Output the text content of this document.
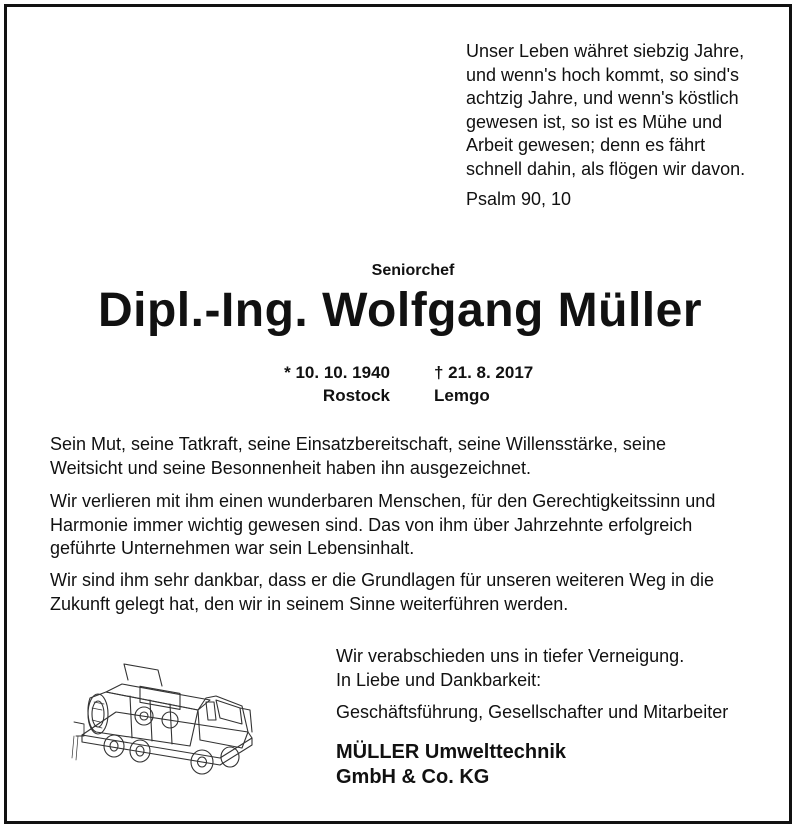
Unser Leben währet siebzig Jahre,
und wenn's hoch kommt, so sind's
achtzig Jahre, und wenn's köstlich
gewesen ist, so ist es Mühe und
Arbeit gewesen; denn es fährt
schnell dahin, als flögen wir davon.
Psalm 90, 10
Seniorchef
Dipl.-Ing. Wolfgang Müller
* 10. 10. 1940
Rostock
† 21. 8. 2017
Lemgo
Sein Mut, seine Tatkraft, seine Einsatzbereitschaft, seine Willensstärke, seine
Weitsicht und seine Besonnenheit haben ihn ausgezeichnet.
Wir verlieren mit ihm einen wunderbaren Menschen, für den Gerechtigkeitssinn und
Harmonie immer wichtig gewesen sind. Das von ihm über Jahrzehnte erfolgreich
geführte Unternehmen war sein Lebensinhalt.
Wir sind ihm sehr dankbar, dass er die Grundlagen für unseren weiteren Weg in die
Zukunft gelegt hat, den wir in seinem Sinne weiterführen werden.
Wir verabschieden uns in tiefer Verneigung.
In Liebe und Dankbarkeit:
Geschäftsführung, Gesellschafter und Mitarbeiter
MÜLLER Umwelttechnik
GmbH & Co. KG
